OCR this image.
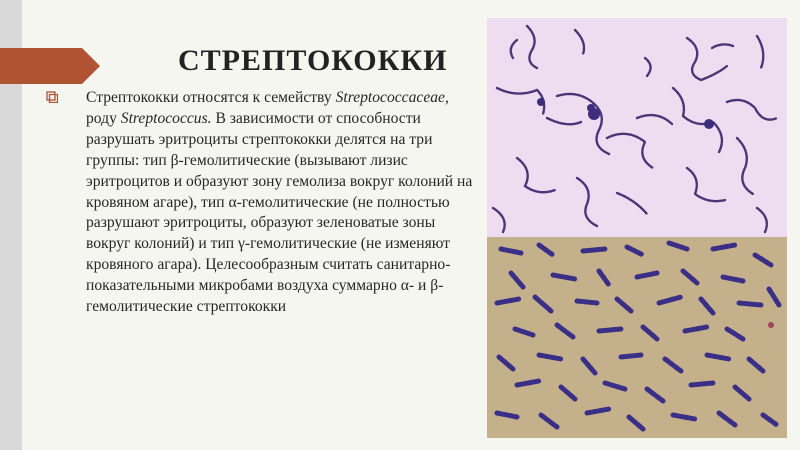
СТРЕПТОКОККИ

Стрептококки относятся к семейству Streptococcaceae, роду Streptococcus. В зависимости от способности разрушать эритроциты стрептококки делятся на три группы: тип β-гемолитические (вызывают лизис эритроцитов и образуют зону гемолиза вокруг колоний на кровяном агаре), тип α-гемолитические (не полностью разрушают эритроциты, образуют зеленоватые зоны вокруг колоний) и тип γ-гемолитические (не изменяют кровяного агара). Целесообразным считать санитарно-показательными микробами воздуха суммарно α- и β-гемолитические стрептококки
